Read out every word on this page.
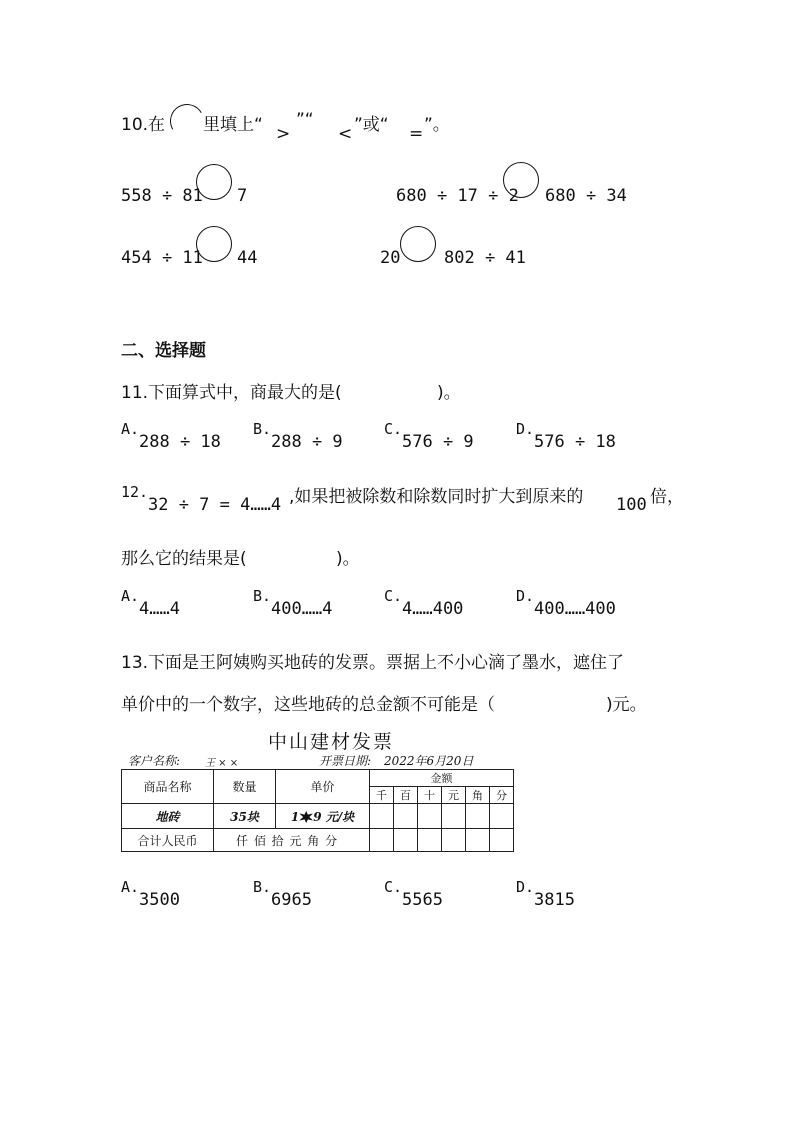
10.在 里填上“ >
”“
< ”或“ = ”。
558 ÷ 81 7	680 ÷ 17 ÷ 2 680 ÷ 34
454 ÷ 11 44	20	802 ÷ 41
二、选择题
11.下面算式中，商最大的是(	)。
A.
288 ÷ 18
B.
288 ÷ 9
C.
576 ÷ 9
D.
576 ÷ 18
12.
32 ÷ 7 = 4……4 ,如果把被除数和除数同时扩大到原来的 100 倍，
那么它的结果是(	)。
A.
4……4
B.
400……4
C.
4……400
D.
400……400
13.下面是王阿姨购买地砖的发票。票据上不小心滴了墨水，遮住了
单价中的一个数字，这些地砖的总金额不可能是（	)元。
中山建材发票
客户名称: 王 × ×	开票日期: 2022年6月20日
商品名称	数量	单价	金额					
			千	百	十	元	角	分
地砖	35块	1 9 元/块						
合计人民币	仟 佰 拾 元 角 分							
A.
3500
B.
6965
C.
5565
D.
3815
